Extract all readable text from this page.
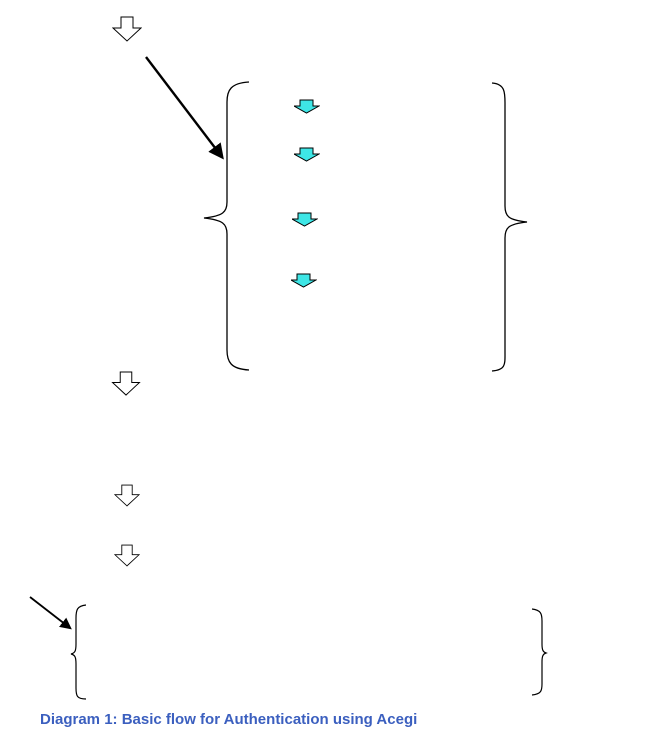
Diagram 1: Basic flow for Authentication using Acegi
